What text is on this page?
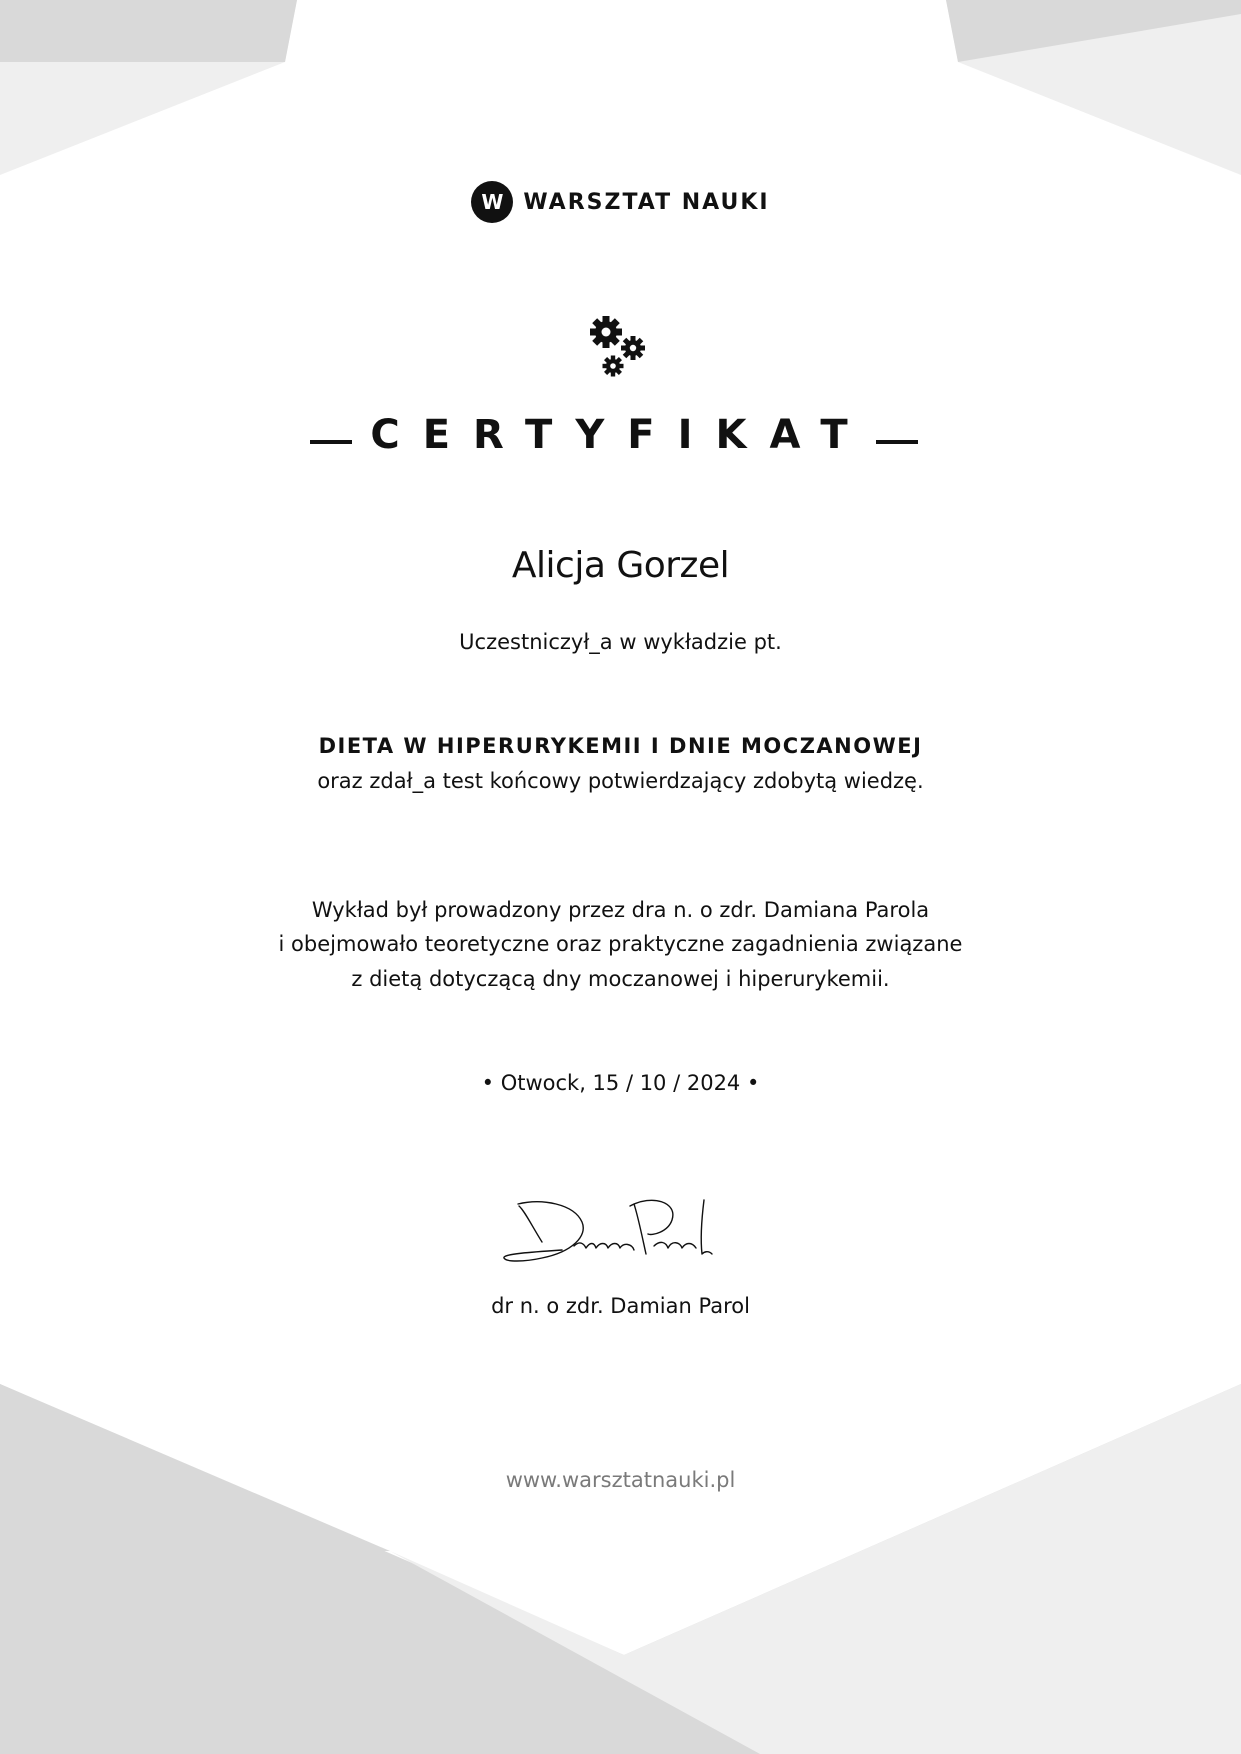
W WARSZTAT NAUKI
CERTYFIKAT
Alicja Gorzel
Uczestniczył_a w wykładzie pt.
DIETA W HIPERURYKEMII I DNIE MOCZANOWEJ
oraz zdał_a test końcowy potwierdzający zdobytą wiedzę.
Wykład był prowadzony przez dra n. o zdr. Damiana Parola
i obejmowało teoretyczne oraz praktyczne zagadnienia związane
z dietą dotyczącą dny moczanowej i hiperurykemii.
• Otwock, 15 / 10 / 2024 •
dr n. o zdr. Damian Parol
www.warsztatnauki.pl
